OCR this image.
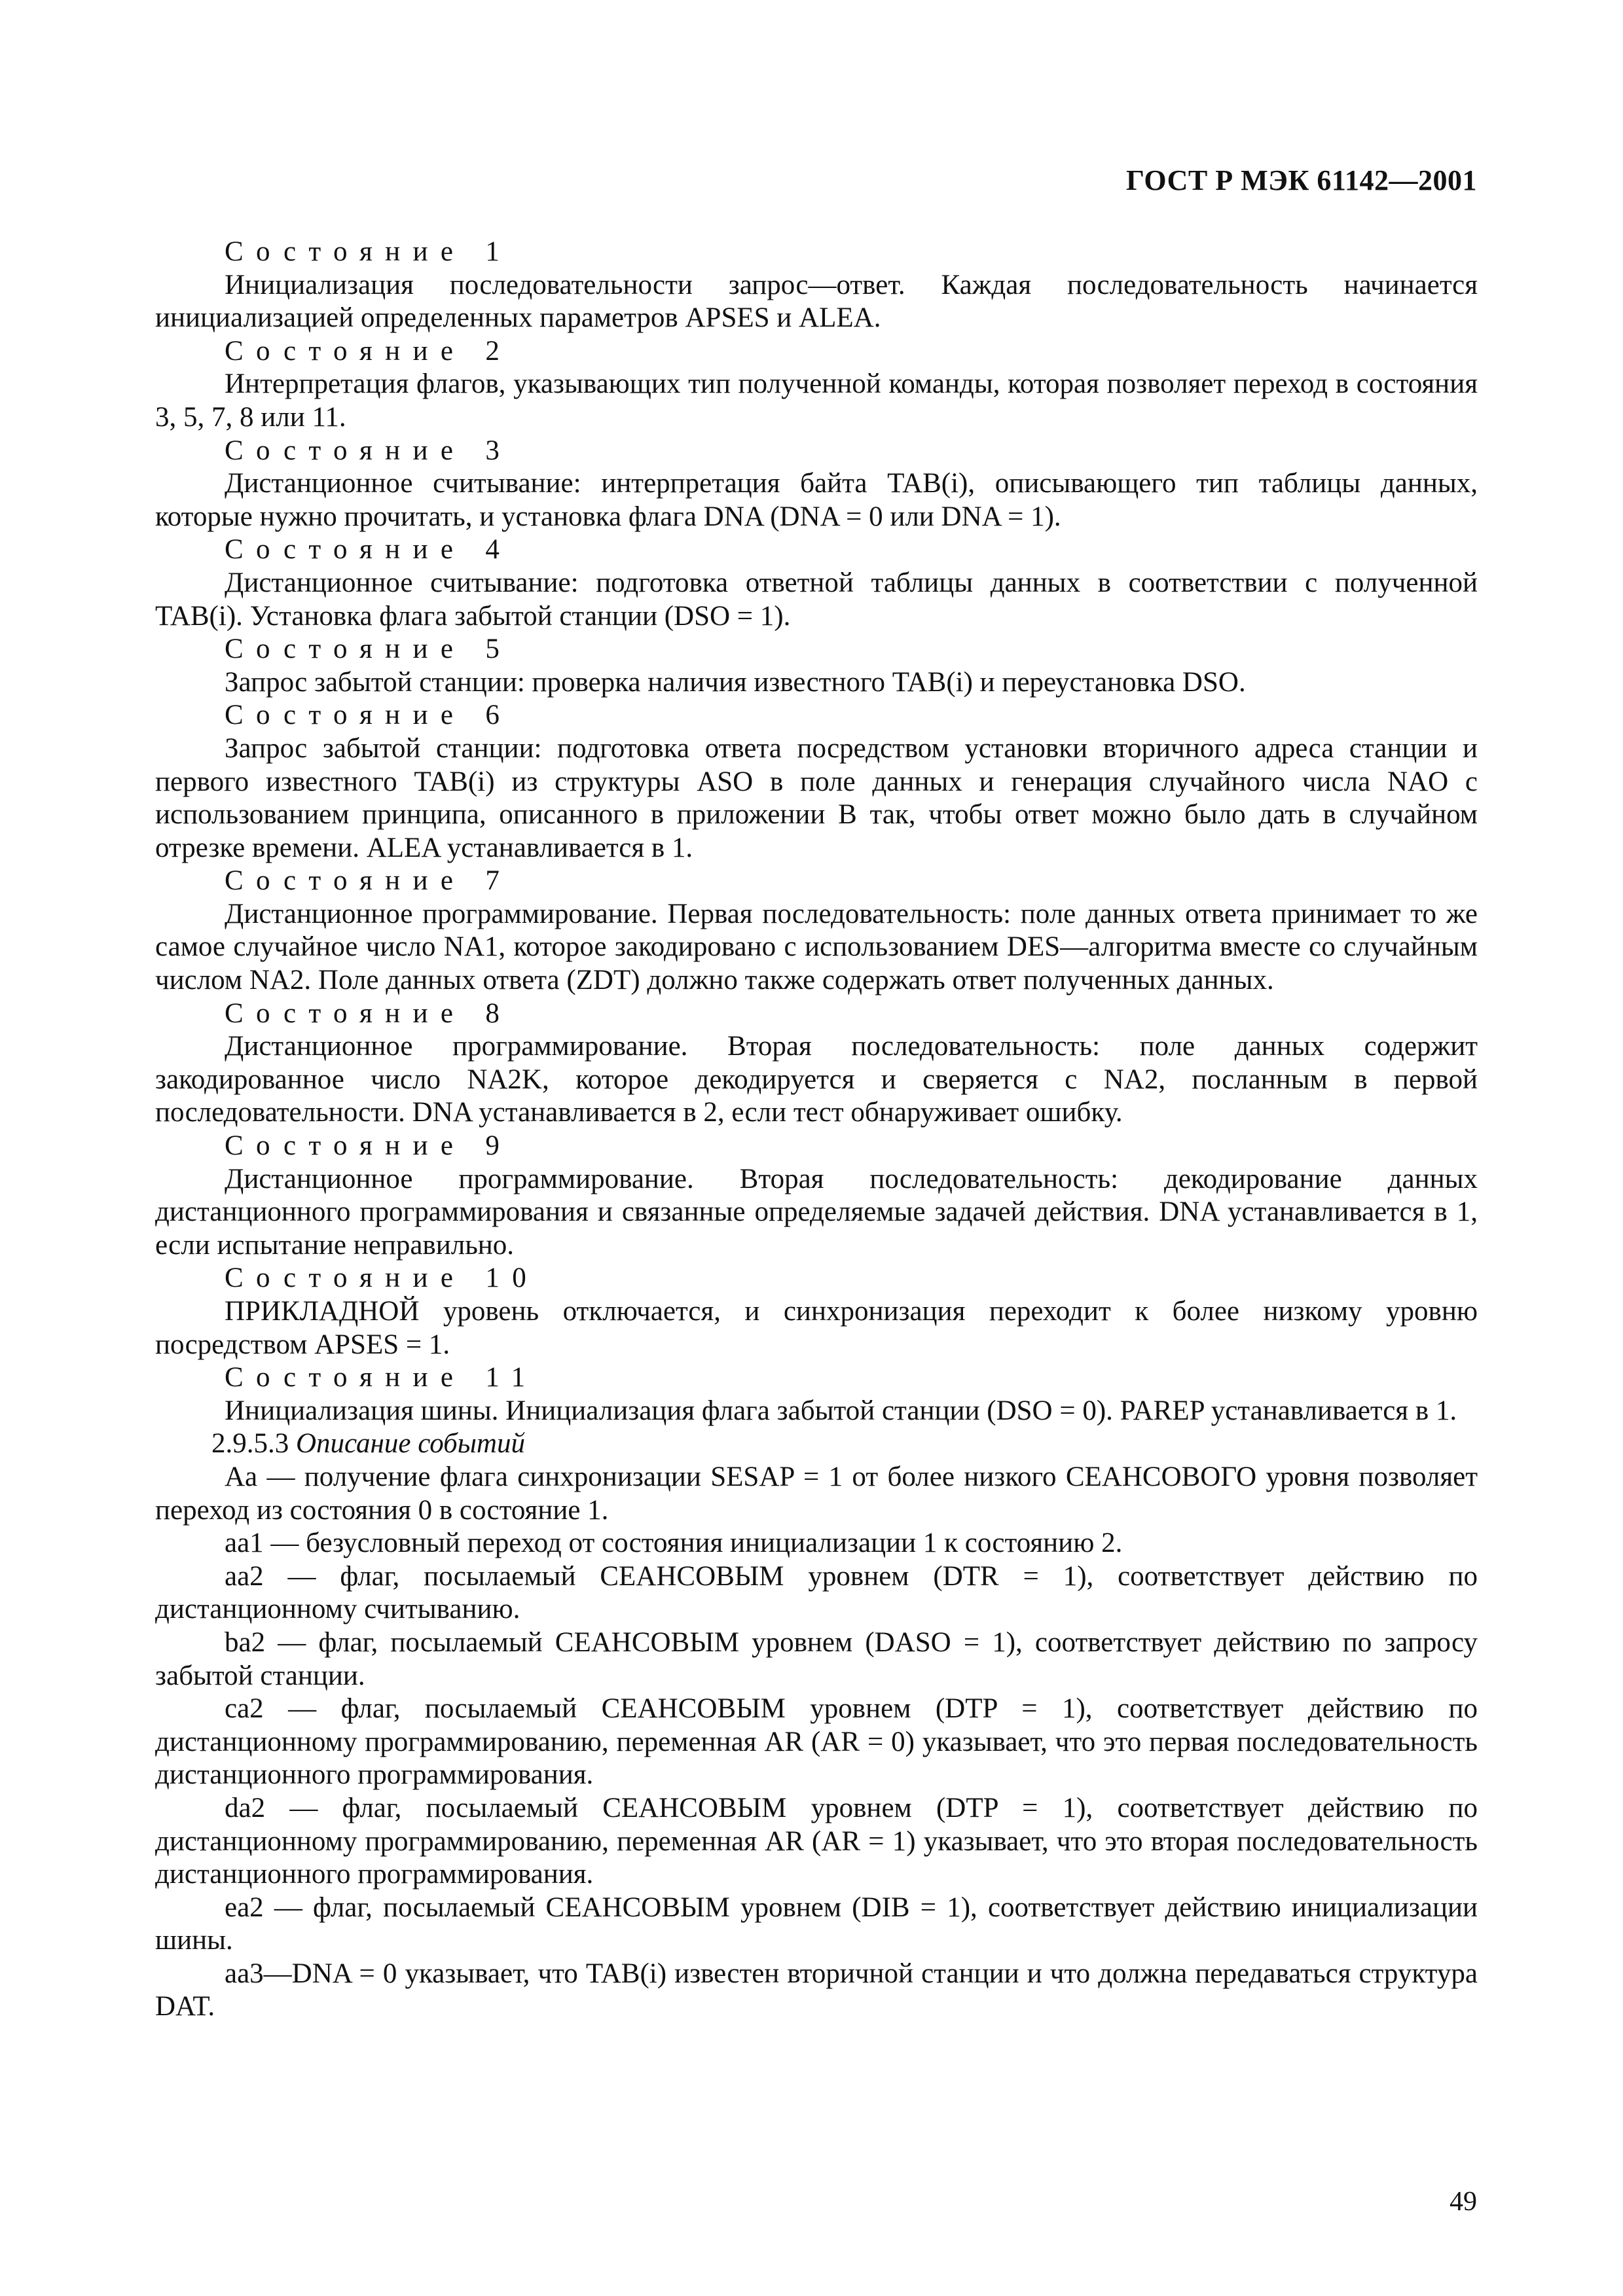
ГОСТ Р МЭК 61142—2001

Состояние 1

Инициализация последовательности запрос—ответ. Каждая последовательность начинается инициализацией определенных параметров APSES и ALEA.

Состояние 2

Интерпретация флагов, указывающих тип полученной команды, которая позволяет переход в состояния 3, 5, 7, 8 или 11.

Состояние 3

Дистанционное считывание: интерпретация байта TAB(i), описывающего тип таблицы данных, которые нужно прочитать, и установка флага DNA (DNA = 0 или DNA = 1).

Состояние 4

Дистанционное считывание: подготовка ответной таблицы данных в соответствии с полученной TAB(i). Установка флага забытой станции (DSO = 1).

Состояние 5

Запрос забытой станции: проверка наличия известного TAB(i) и переустановка DSO.

Состояние 6

Запрос забытой станции: подготовка ответа посредством установки вторичного адреса станции и первого известного TAB(i) из структуры ASO в поле данных и генерация случайного числа NAO с использованием принципа, описанного в приложении В так, чтобы ответ можно было дать в случайном отрезке времени. ALEA устанавливается в 1.

Состояние 7

Дистанционное программирование. Первая последовательность: поле данных ответа принимает то же самое случайное число NA1, которое закодировано с использованием DES—алгоритма вместе со случайным числом NA2. Поле данных ответа (ZDT) должно также содержать ответ полученных данных.

Состояние 8

Дистанционное программирование. Вторая последовательность: поле данных содержит закодированное число NA2K, которое декодируется и сверяется с NA2, посланным в первой последовательности. DNA устанавливается в 2, если тест обнаруживает ошибку.

Состояние 9

Дистанционное программирование. Вторая последовательность: декодирование данных дистанционного программирования и связанные определяемые задачей действия. DNA устанавливается в 1, если испытание неправильно.

Состояние 10

ПРИКЛАДНОЙ уровень отключается, и синхронизация переходит к более низкому уровню посредством APSES = 1.

Состояние 11

Инициализация шины. Инициализация флага забытой станции (DSO = 0). PAREP устанавливается в 1.

2.9.5.3 Описание событий

Aa — получение флага синхронизации SESAP = 1 от более низкого СЕАНСОВОГО уровня позволяет переход из состояния 0 в состояние 1.

aa1 — безусловный переход от состояния инициализации 1 к состоянию 2.

aa2 — флаг, посылаемый СЕАНСОВЫМ уровнем (DTR = 1), соответствует действию по дистанционному считыванию.

ba2 — флаг, посылаемый СЕАНСОВЫМ уровнем (DASO = 1), соответствует действию по запросу забытой станции.

ca2 — флаг, посылаемый СЕАНСОВЫМ уровнем (DTP = 1), соответствует действию по дистанционному программированию, переменная AR (AR = 0) указывает, что это первая последовательность дистанционного программирования.

da2 — флаг, посылаемый СЕАНСОВЫМ уровнем (DTP = 1), соответствует действию по дистанционному программированию, переменная AR (AR = 1) указывает, что это вторая последовательность дистанционного программирования.

ea2 — флаг, посылаемый СЕАНСОВЫМ уровнем (DIB = 1), соответствует действию инициализации шины.

aa3—DNA = 0 указывает, что TAB(i) известен вторичной станции и что должна передаваться структура DAT.

49
